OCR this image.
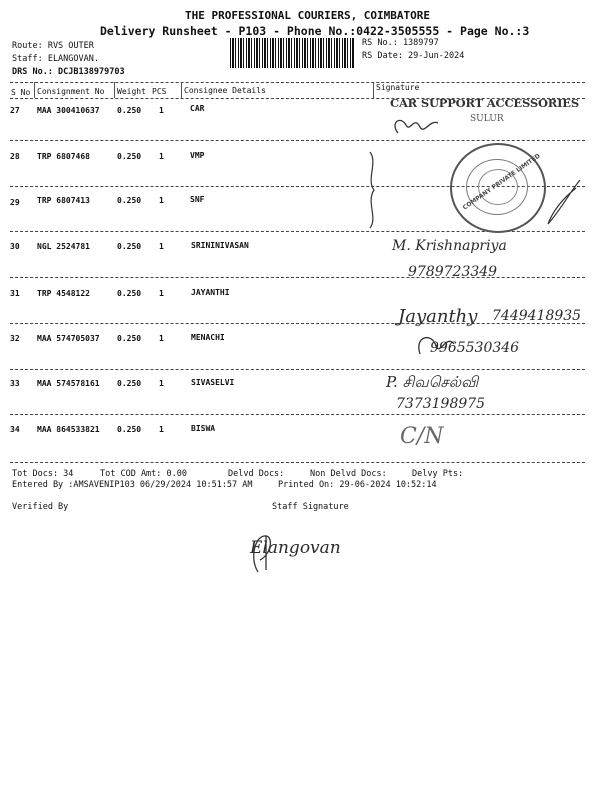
THE PROFESSIONAL COURIERS, COIMBATORE
Delivery Runsheet - P103 - Phone No.:0422-3505555 - Page No.:3
Route: RVS OUTER
Staff: ELANGOVAN.
DRS No.: DCJB138979703
RS No.: 1389797
RS Date: 29-Jun-2024
S No Consignment No Weight PCS Consignee Details	Signature
27 MAA 300410637 0.250 1	CAR
28 TRP 6807468	0.250 1	VMP
29 TRP 6807413	0.250 1	SNF
30 NGL 2524781	0.250 1	SRININIVASAN
31 TRP 4548122	0.250 1	JAYANTHI
32 MAA 574705037 0.250 1	MENACHI
33 MAA 574578161 0.250 1	SIVASELVI
34 MAA 864533821 0.250 1	BISWA
CAR SUPPORT ACCESSORIES
SULUR
COMPANY PRIVATE LIMITED
M. Krishnapriya
9789723349
Jayanthy 7449418935
9965530346
P. சிவசெல்வி
7373198975
C/N
Tot Docs: 34	Tot COD Amt: 0.00	Delvd Docs:	Non Delvd Docs:	Delvy Pts:
Entered By :AMSAVENIP103 06/29/2024 10:51:57 AM	Printed On: 29-06-2024 10:52:14
Verified By	Staff Signature
Elangovan
